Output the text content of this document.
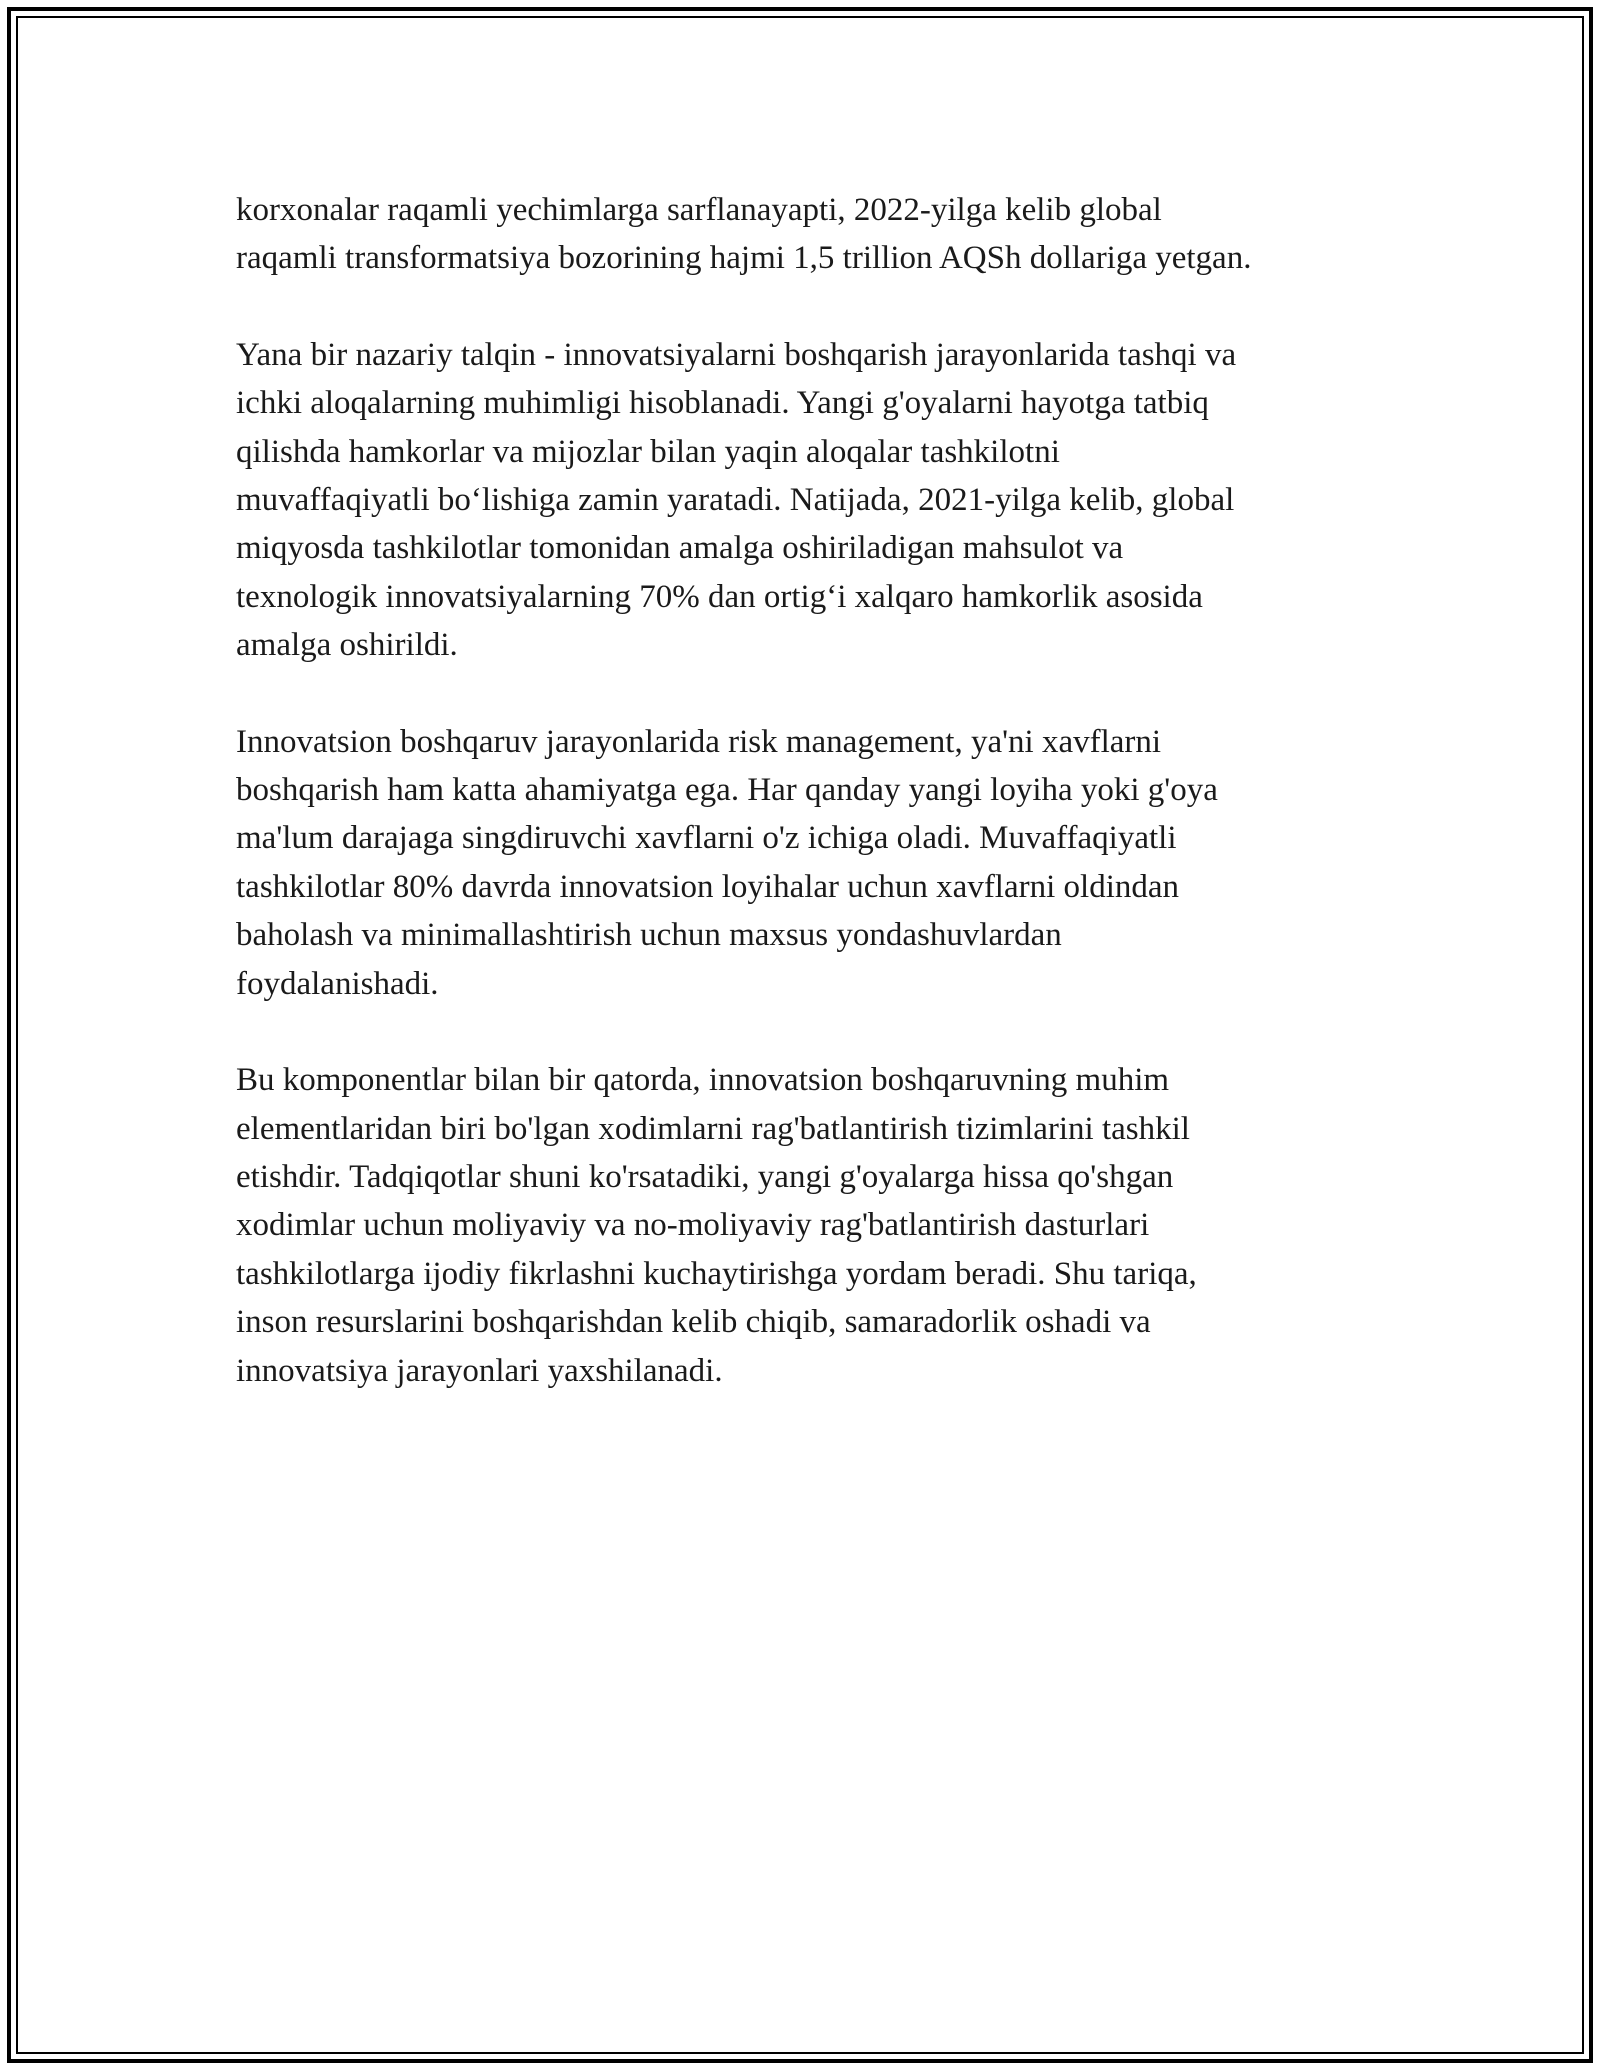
korxonalar raqamli yechimlarga sarflanayapti, 2022-yilga kelib global
raqamli transformatsiya bozorining hajmi 1,5 trillion AQSh dollariga yetgan.

Yana bir nazariy talqin - innovatsiyalarni boshqarish jarayonlarida tashqi va
ichki aloqalarning muhimligi hisoblanadi. Yangi g'oyalarni hayotga tatbiq
qilishda hamkorlar va mijozlar bilan yaqin aloqalar tashkilotni
muvaffaqiyatli bo‘lishiga zamin yaratadi. Natijada, 2021-yilga kelib, global
miqyosda tashkilotlar tomonidan amalga oshiriladigan mahsulot va
texnologik innovatsiyalarning 70% dan ortig‘i xalqaro hamkorlik asosida
amalga oshirildi.

Innovatsion boshqaruv jarayonlarida risk management, ya'ni xavflarni
boshqarish ham katta ahamiyatga ega. Har qanday yangi loyiha yoki g'oya
ma'lum darajaga singdiruvchi xavflarni o'z ichiga oladi. Muvaffaqiyatli
tashkilotlar 80% davrda innovatsion loyihalar uchun xavflarni oldindan
baholash va minimallashtirish uchun maxsus yondashuvlardan
foydalanishadi.

Bu komponentlar bilan bir qatorda, innovatsion boshqaruvning muhim
elementlaridan biri bo'lgan xodimlarni rag'batlantirish tizimlarini tashkil
etishdir. Tadqiqotlar shuni ko'rsatadiki, yangi g'oyalarga hissa qo'shgan
xodimlar uchun moliyaviy va no-moliyaviy rag'batlantirish dasturlari
tashkilotlarga ijodiy fikrlashni kuchaytirishga yordam beradi. Shu tariqa,
inson resurslarini boshqarishdan kelib chiqib, samaradorlik oshadi va
innovatsiya jarayonlari yaxshilanadi.
